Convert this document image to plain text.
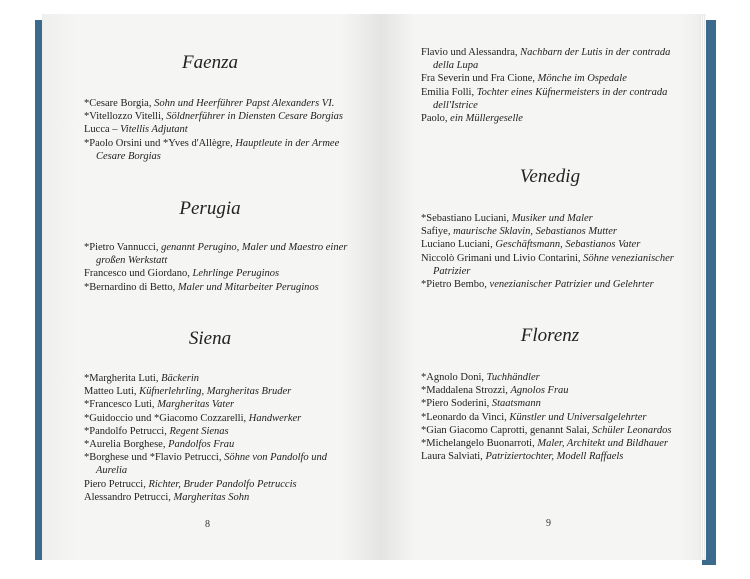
Faenza

*Cesare Borgia, Sohn und Heerführer Papst Alexanders VI.

*Vitellozzo Vitelli, Söldnerführer in Diensten Cesare Borgias

Lucca – Vitellis Adjutant

*Paolo Orsini und *Yves d'Allègre, Hauptleute in der Armee Cesare Borgias

Perugia

*Pietro Vannucci, genannt Perugino, Maler und Maestro einer großen Werkstatt

Francesco und Giordano, Lehrlinge Peruginos

*Bernardino di Betto, Maler und Mitarbeiter Peruginos

Siena

*Margherita Luti, Bäckerin

Matteo Luti, Küfnerlehrling, Margheritas Bruder

*Francesco Luti, Margheritas Vater

*Guidoccio und *Giacomo Cozzarelli, Handwerker

*Pandolfo Petrucci, Regent Sienas

*Aurelia Borghese, Pandolfos Frau

*Borghese und *Flavio Petrucci, Söhne von Pandolfo und Aurelia

Piero Petrucci, Richter, Bruder Pandolfo Petruccis

Alessandro Petrucci, Margheritas Sohn

8

Flavio und Alessandra, Nachbarn der Lutis in der contrada della Lupa

Fra Severin und Fra Cione, Mönche im Ospedale

Emilia Folli, Tochter eines Küfnermeisters in der contrada dell'Istrice

Paolo, ein Müllergeselle

Venedig

*Sebastiano Luciani, Musiker und Maler

Safiye, maurische Sklavin, Sebastianos Mutter

Luciano Luciani, Geschäftsmann, Sebastianos Vater

Niccolò Grimani und Livio Contarini, Söhne venezianischer Patrizier

*Pietro Bembo, venezianischer Patrizier und Gelehrter

Florenz

*Agnolo Doni, Tuchhändler

*Maddalena Strozzi, Agnolos Frau

*Piero Soderini, Staatsmann

*Leonardo da Vinci, Künstler und Universalgelehrter

*Gian Giacomo Caprotti, genannt Salai, Schüler Leonardos

*Michelangelo Buonarroti, Maler, Architekt und Bildhauer

Laura Salviati, Patriziertochter, Modell Raffaels

9
